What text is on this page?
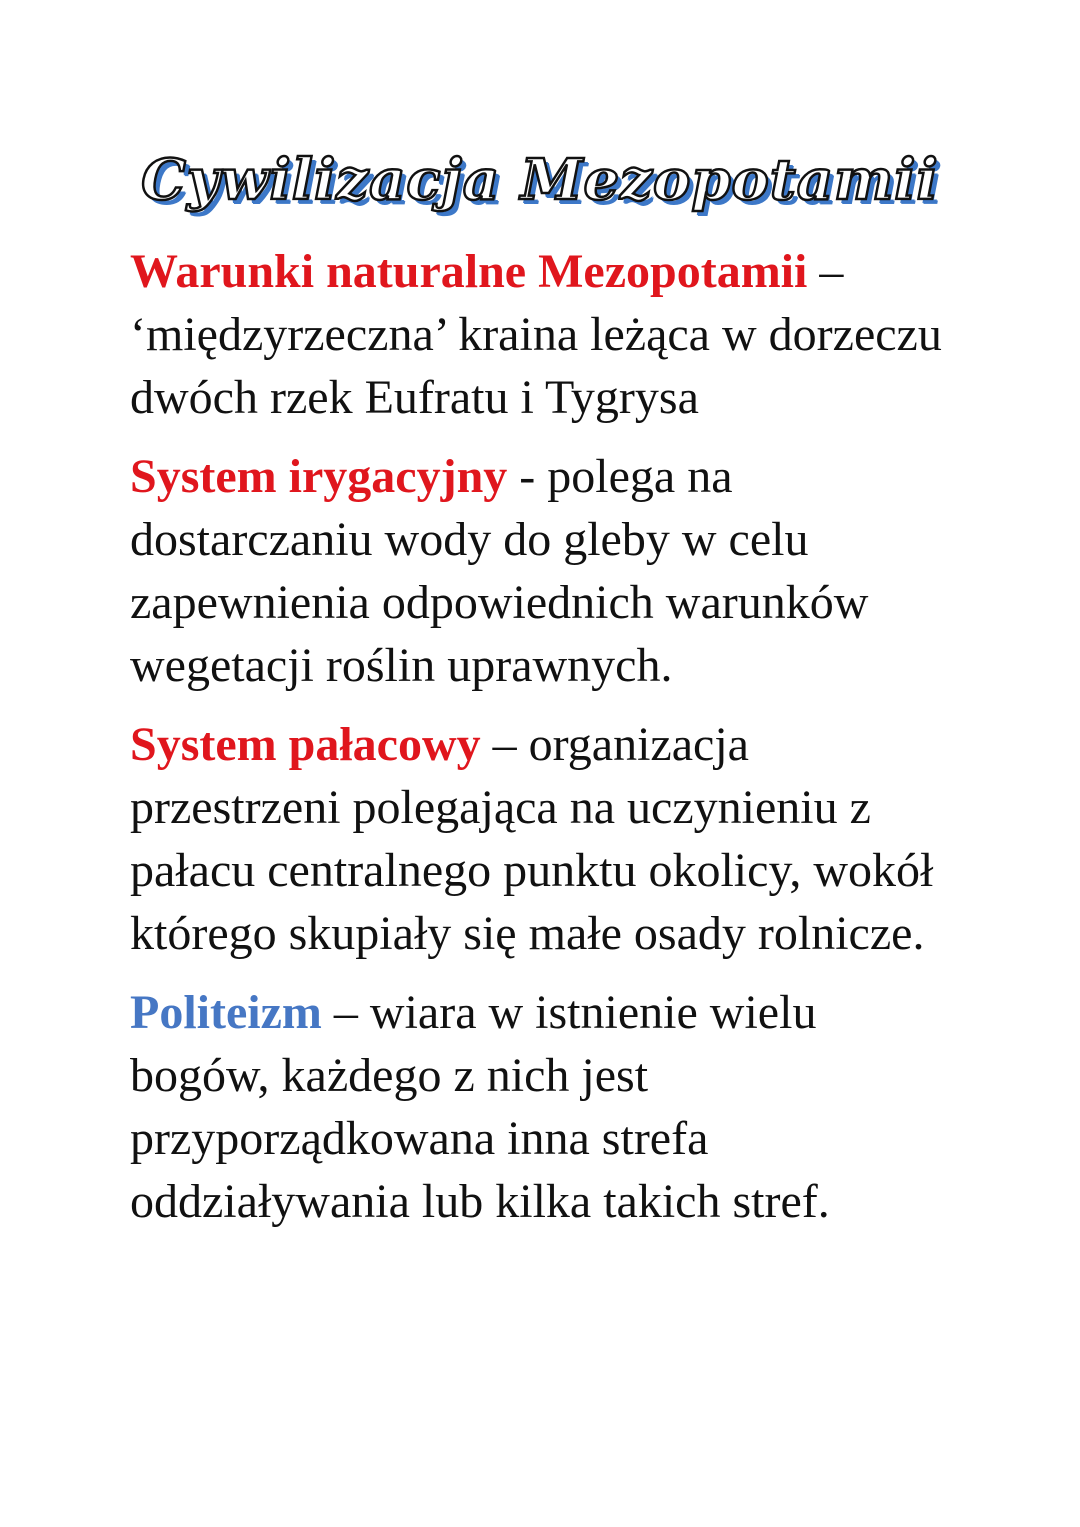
Cywilizacja Mezopotamii

Warunki naturalne Mezopotamii – ‘międzyrzeczna’ kraina leżąca w dorzeczu dwóch rzek Eufratu i Tygrysa

System irygacyjny - polega na dostarczaniu wody do gleby w celu zapewnienia odpowiednich warunków wegetacji roślin uprawnych.

System pałacowy – organizacja przestrzeni polegająca na uczynieniu z pałacu centralnego punktu okolicy, wokół którego skupiały się małe osady rolnicze.

Politeizm – wiara w istnienie wielu bogów, każdego z nich jest przyporządkowana inna strefa oddziaływania lub kilka takich stref.
